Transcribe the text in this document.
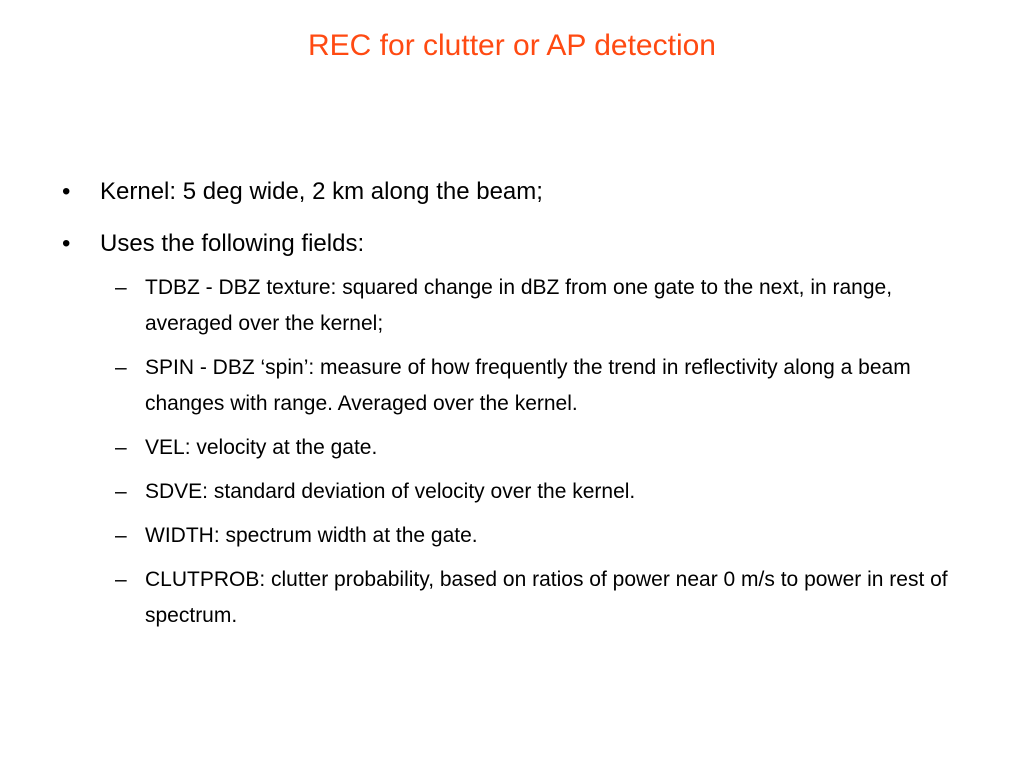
REC for clutter or AP detection
•	Kernel: 5 deg wide, 2 km along the beam;
•	Uses the following fields:
– TDBZ - DBZ texture: squared change in dBZ from one gate to the next, in range, averaged over the kernel;
– SPIN - DBZ ‘spin’: measure of how frequently the trend in reflectivity along a beam changes with range. Averaged over the kernel.
– VEL: velocity at the gate.
– SDVE: standard deviation of velocity over the kernel.
– WIDTH: spectrum width at the gate.
– CLUTPROB: clutter probability, based on ratios of power near 0 m/s to power in rest of spectrum.
